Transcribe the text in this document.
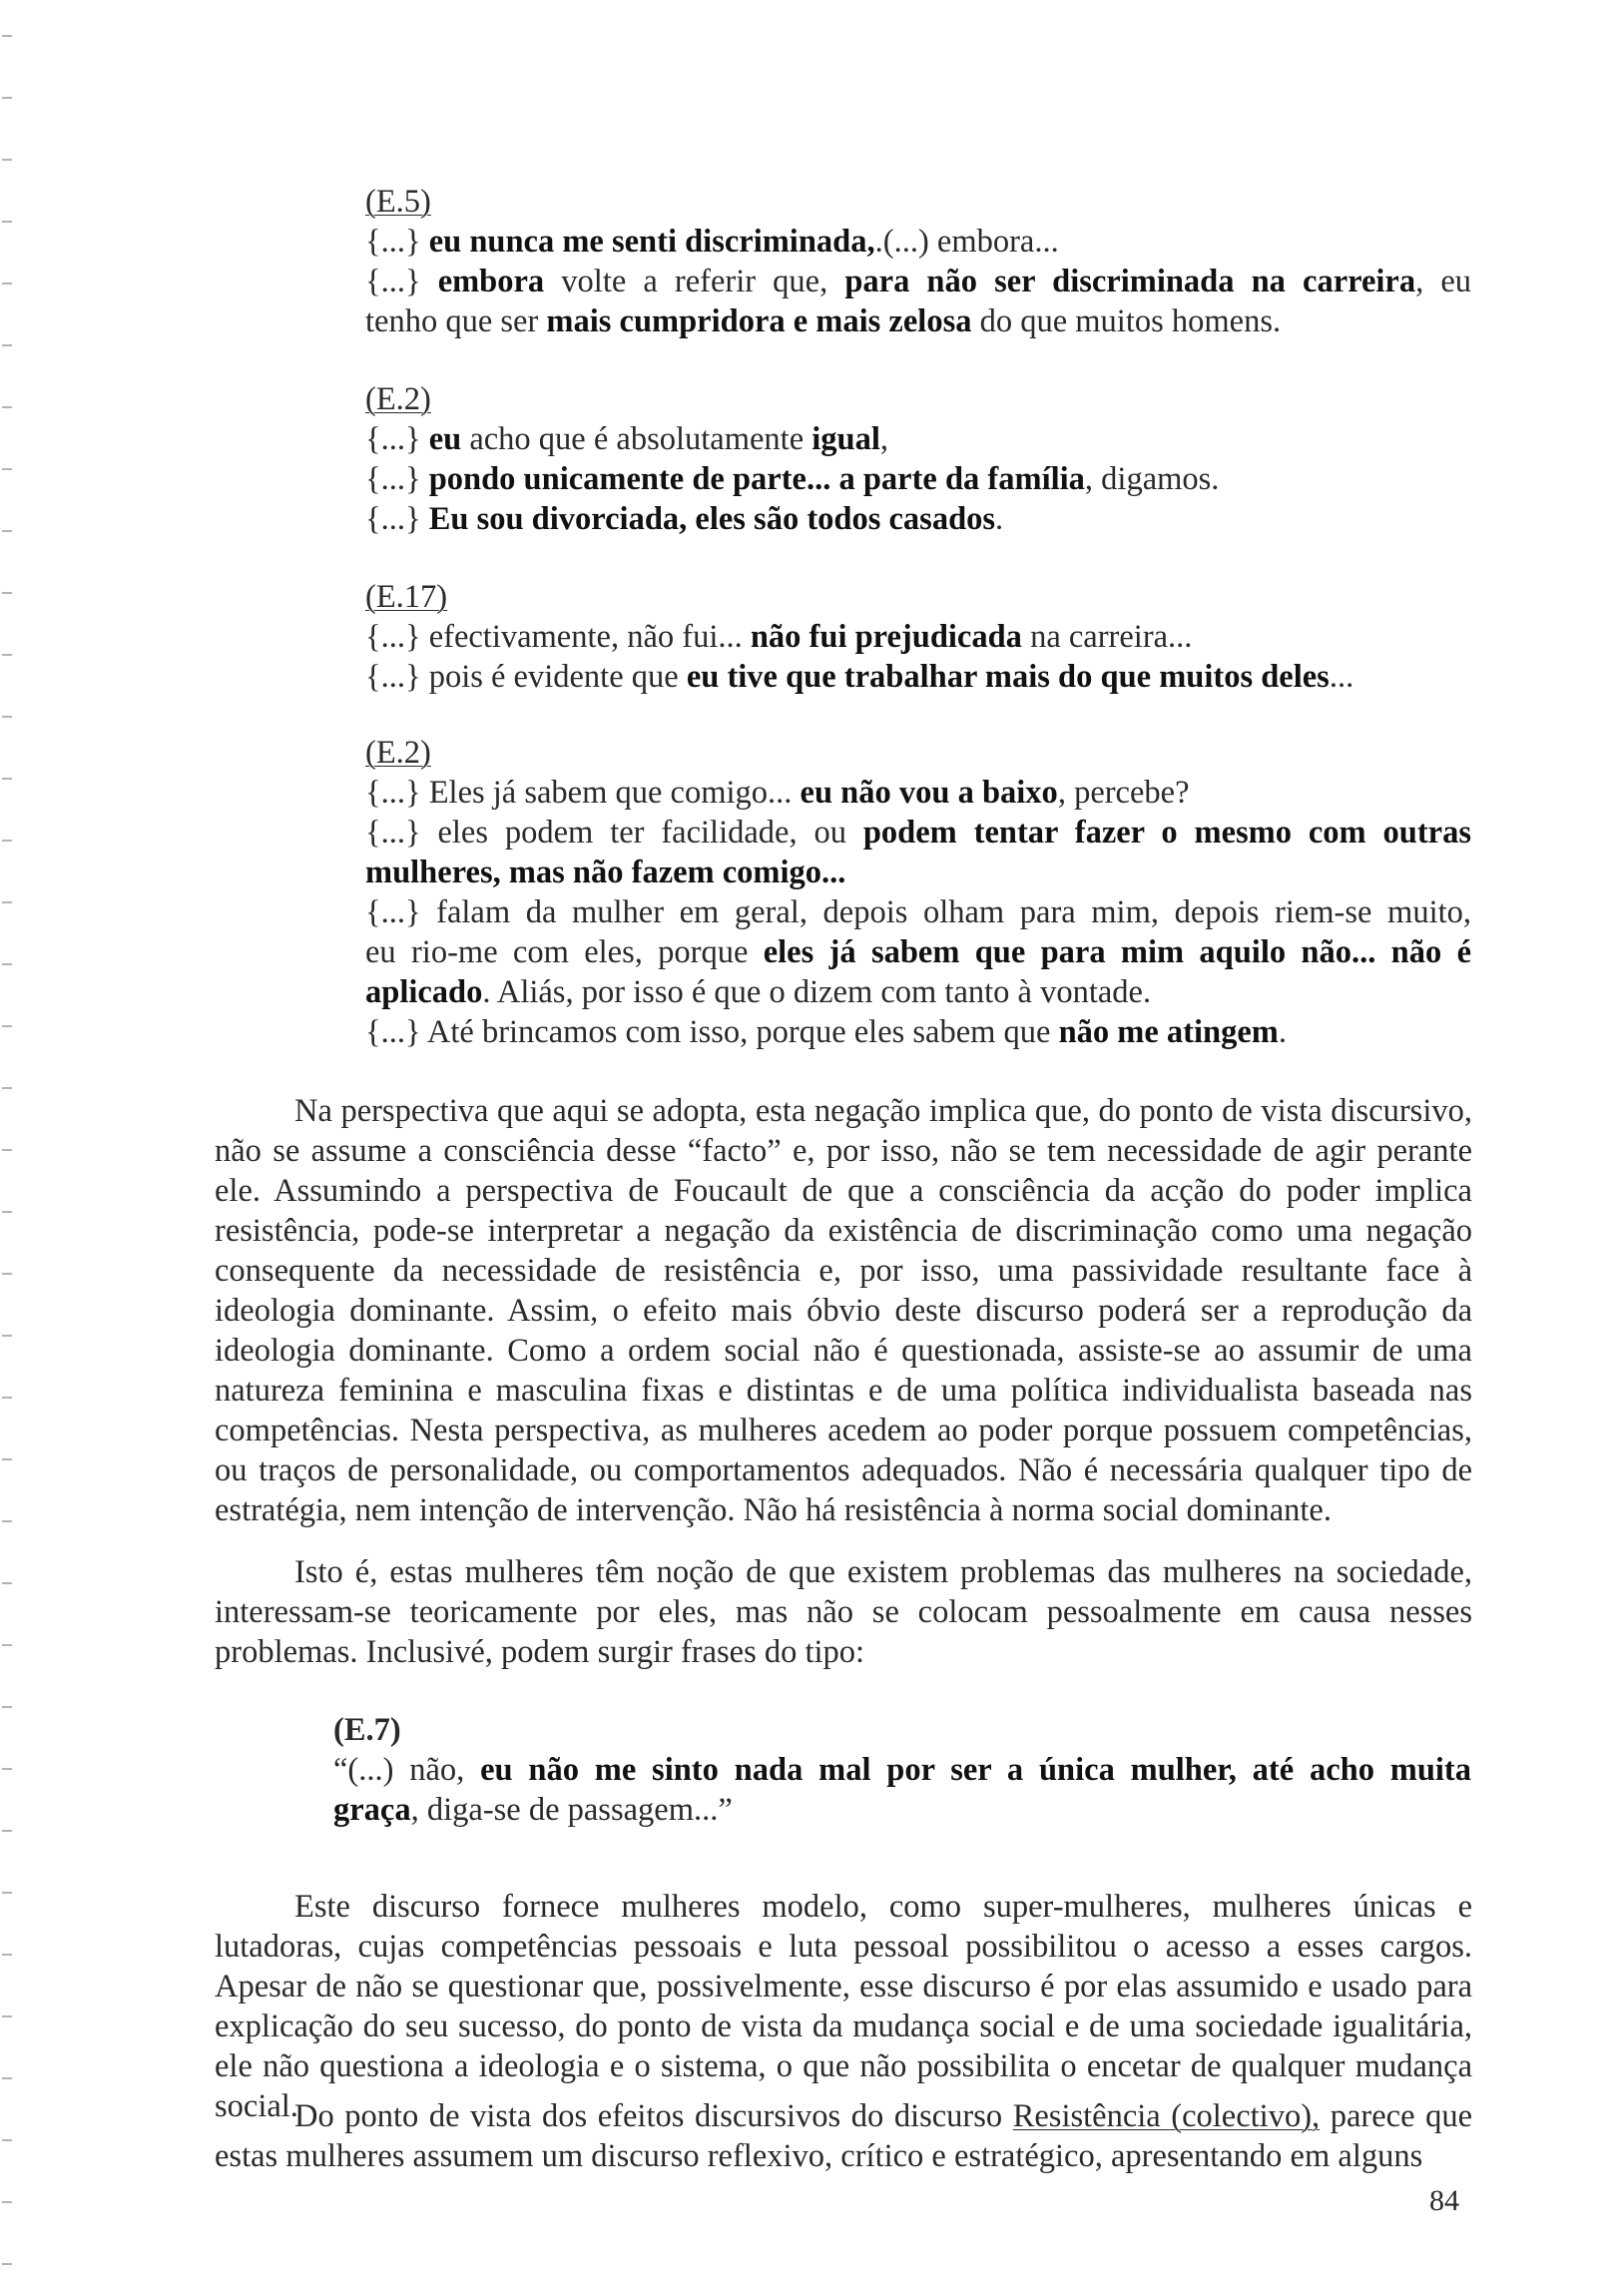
(E.5)
{...} eu nunca me senti discriminada,.(...) embora...
{...} embora volte a referir que, para não ser discriminada na carreira, eu
tenho que ser mais cumpridora e mais zelosa do que muitos homens.
(E.2)
{...} eu acho que é absolutamente igual,
{...} pondo unicamente de parte... a parte da família, digamos.
{...} Eu sou divorciada, eles são todos casados.
(E.17)
{...} efectivamente, não fui... não fui prejudicada na carreira...
{...} pois é evidente que eu tive que trabalhar mais do que muitos deles...
(E.2)
{...} Eles já sabem que comigo... eu não vou a baixo, percebe?
{...} eles podem ter facilidade, ou podem tentar fazer o mesmo com outras
mulheres, mas não fazem comigo...
{...} falam da mulher em geral, depois olham para mim, depois riem-se muito,
eu rio-me com eles, porque eles já sabem que para mim aquilo não... não é
aplicado. Aliás, por isso é que o dizem com tanto à vontade.
{...} Até brincamos com isso, porque eles sabem que não me atingem.

Na perspectiva que aqui se adopta, esta negação implica que, do ponto de vista discursivo, não se assume a consciência desse “facto” e, por isso, não se tem necessidade de agir perante ele. Assumindo a perspectiva de Foucault de que a consciência da acção do poder implica resistência, pode-se interpretar a negação da existência de discriminação como uma negação consequente da necessidade de resistência e, por isso, uma passividade resultante face à ideologia dominante. Assim, o efeito mais óbvio deste discurso poderá ser a reprodução da ideologia dominante. Como a ordem social não é questionada, assiste-se ao assumir de uma natureza feminina e masculina fixas e distintas e de uma política individualista baseada nas competências. Nesta perspectiva, as mulheres acedem ao poder porque possuem competências, ou traços de personalidade, ou comportamentos adequados. Não é necessária qualquer tipo de estratégia, nem intenção de intervenção. Não há resistência à norma social dominante.

Isto é, estas mulheres têm noção de que existem problemas das mulheres na sociedade, interessam-se teoricamente por eles, mas não se colocam pessoalmente em causa nesses problemas. Inclusivé, podem surgir frases do tipo:

(E.7)
“(...) não, eu não me sinto nada mal por ser a única mulher, até acho muita
graça, diga-se de passagem...”

Este discurso fornece mulheres modelo, como super-mulheres, mulheres únicas e lutadoras, cujas competências pessoais e luta pessoal possibilitou o acesso a esses cargos. Apesar de não se questionar que, possivelmente, esse discurso é por elas assumido e usado para explicação do seu sucesso, do ponto de vista da mudança social e de uma sociedade igualitária, ele não questiona a ideologia e o sistema, o que não possibilita o encetar de qualquer mudança social.

Do ponto de vista dos efeitos discursivos do discurso Resistência (colectivo), parece que estas mulheres assumem um discurso reflexivo, crítico e estratégico, apresentando em alguns

84
